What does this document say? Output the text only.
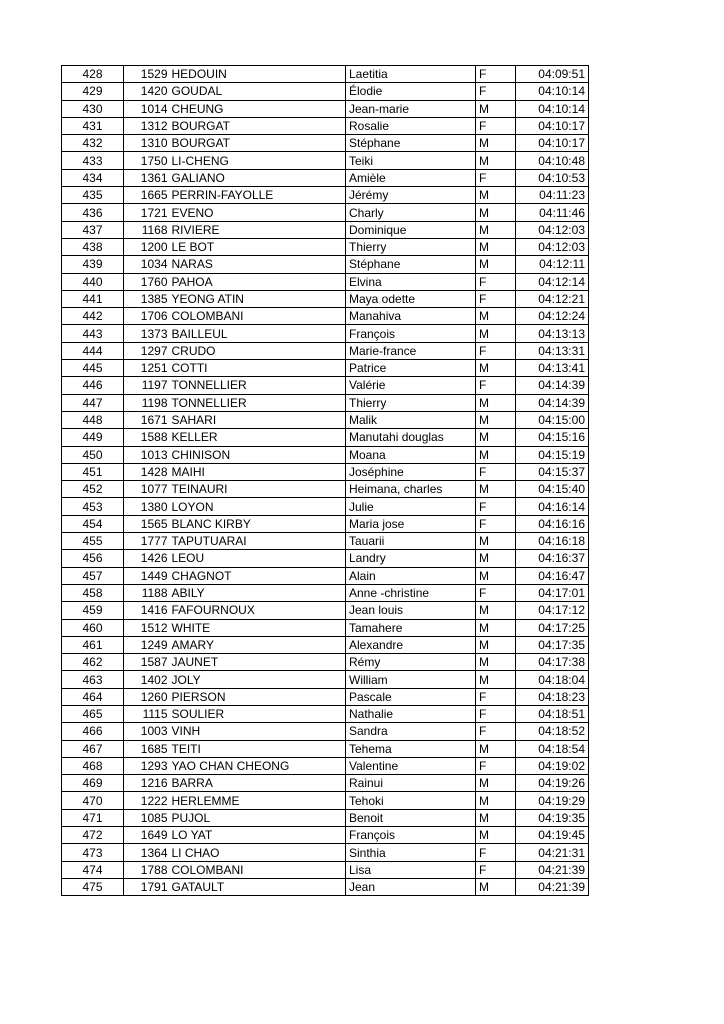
428	1529	HEDOUIN	Laetitia	F	04:09:51
429	1420	GOUDAL	Élodie	F	04:10:14
430	1014	CHEUNG	Jean-marie	M	04:10:14
431	1312	BOURGAT	Rosalie	F	04:10:17
432	1310	BOURGAT	Stéphane	M	04:10:17
433	1750	LI-CHENG	Teiki	M	04:10:48
434	1361	GALIANO	Amièle	F	04:10:53
435	1665	PERRIN-FAYOLLE	Jérémy	M	04:11:23
436	1721	EVENO	Charly	M	04:11:46
437	1168	RIVIERE	Dominique	M	04:12:03
438	1200	LE BOT	Thierry	M	04:12:03
439	1034	NARAS	Stéphane	M	04:12:11
440	1760	PAHOA	Elvina	F	04:12:14
441	1385	YEONG ATIN	Maya odette	F	04:12:21
442	1706	COLOMBANI	Manahiva	M	04:12:24
443	1373	BAILLEUL	François	M	04:13:13
444	1297	CRUDO	Marie-france	F	04:13:31
445	1251	COTTI	Patrice	M	04:13:41
446	1197	TONNELLIER	Valérie	F	04:14:39
447	1198	TONNELLIER	Thierry	M	04:14:39
448	1671	SAHARI	Malik	M	04:15:00
449	1588	KELLER	Manutahi douglas	M	04:15:16
450	1013	CHINISON	Moana	M	04:15:19
451	1428	MAIHI	Joséphine	F	04:15:37
452	1077	TEINAURI	Heimana, charles	M	04:15:40
453	1380	LOYON	Julie	F	04:16:14
454	1565	BLANC KIRBY	Maria jose	F	04:16:16
455	1777	TAPUTUARAI	Tauarii	M	04:16:18
456	1426	LEOU	Landry	M	04:16:37
457	1449	CHAGNOT	Alain	M	04:16:47
458	1188	ABILY	Anne -christine	F	04:17:01
459	1416	FAFOURNOUX	Jean louis	M	04:17:12
460	1512	WHITE	Tamahere	M	04:17:25
461	1249	AMARY	Alexandre	M	04:17:35
462	1587	JAUNET	Rémy	M	04:17:38
463	1402	JOLY	William	M	04:18:04
464	1260	PIERSON	Pascale	F	04:18:23
465	1115	SOULIER	Nathalie	F	04:18:51
466	1003	VINH	Sandra	F	04:18:52
467	1685	TEITI	Tehema	M	04:18:54
468	1293	YAO CHAN CHEONG	Valentine	F	04:19:02
469	1216	BARRA	Rainui	M	04:19:26
470	1222	HERLEMME	Tehoki	M	04:19:29
471	1085	PUJOL	Benoit	M	04:19:35
472	1649	LO YAT	François	M	04:19:45
473	1364	LI CHAO	Sinthia	F	04:21:31
474	1788	COLOMBANI	Lisa	F	04:21:39
475	1791	GATAULT	Jean	M	04:21:39
